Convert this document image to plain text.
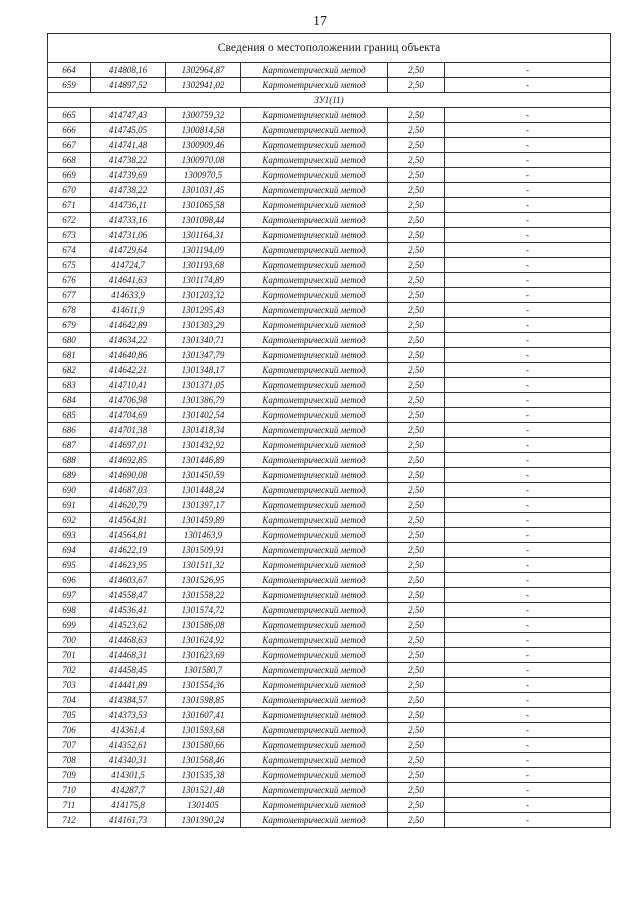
17
Сведения о местоположении границ объекта					
664	414808,16	1302964,87	Картометрический метод	2,50	-
659	414897,52	1302941,02	Картометрический метод	2,50	-
ЗУ1(11)					
665	414747,43	1300759,32	Картометрический метод	2,50	-
666	414745,05	1300814,58	Картометрический метод	2,50	-
667	414741,48	1300909,46	Картометрический метод	2,50	-
668	414738,22	1300970,08	Картометрический метод	2,50	-
669	414739,69	1300970,5	Картометрический метод	2,50	-
670	414738,22	1301031,45	Картометрический метод	2,50	-
671	414736,11	1301065,58	Картометрический метод	2,50	-
672	414733,16	1301098,44	Картометрический метод	2,50	-
673	414731,06	1301164,31	Картометрический метод	2,50	-
674	414729,64	1301194,09	Картометрический метод	2,50	-
675	414724,7	1301193,68	Картометрический метод	2,50	-
676	414641,63	1301174,89	Картометрический метод	2,50	-
677	414633,9	1301203,32	Картометрический метод	2,50	-
678	414611,9	1301295,43	Картометрический метод	2,50	-
679	414642,89	1301303,29	Картометрический метод	2,50	-
680	414634,22	1301340,71	Картометрический метод	2,50	-
681	414640,86	1301347,79	Картометрический метод	2,50	-
682	414642,21	1301348,17	Картометрический метод	2,50	-
683	414710,41	1301371,05	Картометрический метод	2,50	-
684	414706,98	1301386,79	Картометрический метод	2,50	-
685	414704,69	1301402,54	Картометрический метод	2,50	-
686	414701,38	1301418,34	Картометрический метод	2,50	-
687	414697,01	1301432,92	Картометрический метод	2,50	-
688	414692,85	1301446,89	Картометрический метод	2,50	-
689	414690,08	1301450,59	Картометрический метод	2,50	-
690	414687,03	1301448,24	Картометрический метод	2,50	-
691	414620,79	1301397,17	Картометрический метод	2,50	-
692	414564,81	1301459,89	Картометрический метод	2,50	-
693	414564,81	1301463,9	Картометрический метод	2,50	-
694	414622,19	1301509,91	Картометрический метод	2,50	-
695	414623,95	1301511,32	Картометрический метод	2,50	-
696	414603,67	1301526,95	Картометрический метод	2,50	-
697	414558,47	1301558,22	Картометрический метод	2,50	-
698	414536,41	1301574,72	Картометрический метод	2,50	-
699	414523,62	1301586,08	Картометрический метод	2,50	-
700	414468,63	1301624,92	Картометрический метод	2,50	-
701	414468,31	1301623,69	Картометрический метод	2,50	-
702	414458,45	1301580,7	Картометрический метод	2,50	-
703	414441,89	1301554,36	Картометрический метод	2,50	-
704	414384,57	1301598,85	Картометрический метод	2,50	-
705	414373,53	1301607,41	Картометрический метод	2,50	-
706	414361,4	1301593,68	Картометрический метод	2,50	-
707	414352,61	1301580,66	Картометрический метод	2,50	-
708	414340,31	1301568,46	Картометрический метод	2,50	-
709	414301,5	1301535,38	Картометрический метод	2,50	-
710	414287,7	1301521,48	Картометрический метод	2,50	-
711	414175,8	1301405	Картометрический метод	2,50	-
712	414161,73	1301390,24	Картометрический метод	2,50	-
